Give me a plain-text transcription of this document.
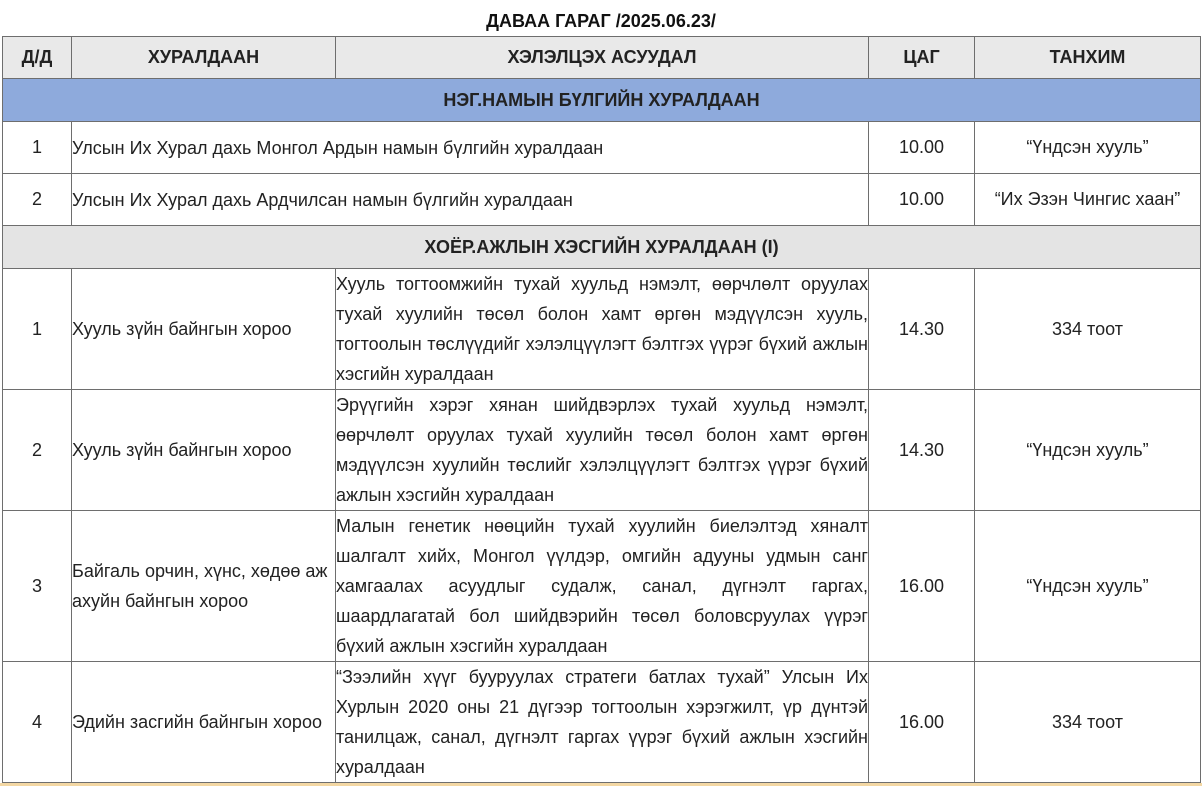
ДАВАА ГАРАГ /2025.06.23/
Д/Д	ХУРАЛДААН	ХЭЛЭЛЦЭХ АСУУДАЛ	ЦАГ	ТАНХИМ
НЭГ.НАМЫН БҮЛГИЙН ХУРАЛДААН				
1	Улсын Их Хурал дахь Монгол Ардын намын бүлгийн хуралдаан		10.00	“Үндсэн хууль”
2	Улсын Их Хурал дахь Ардчилсан намын бүлгийн хуралдаан		10.00	“Их Эзэн Чингис хаан”
ХОЁР.АЖЛЫН ХЭСГИЙН ХУРАЛДААН (I)				
1	Хууль зүйн байнгын хороо	Хууль тогтоомжийн тухай хуульд нэмэлт, өөрчлөлт оруулах тухай хуулийн төсөл болон хамт өргөн мэдүүлсэн хууль, тогтоолын төслүүдийг хэлэлцүүлэгт бэлтгэх үүрэг бүхий ажлын хэсгийн хуралдаан	14.30	334 тоот
2	Хууль зүйн байнгын хороо	Эрүүгийн хэрэг хянан шийдвэрлэх тухай хуульд нэмэлт, өөрчлөлт оруулах тухай хуулийн төсөл болон хамт өргөн мэдүүлсэн хуулийн төслийг хэлэлцүүлэгт бэлтгэх үүрэг бүхий ажлын хэсгийн хуралдаан	14.30	“Үндсэн хууль”
3	Байгаль орчин, хүнс, хөдөө аж ахуйн байнгын хороо	Малын генетик нөөцийн тухай хуулийн биелэлтэд хяналт шалгалт хийх, Монгол үүлдэр, омгийн адууны удмын санг хамгаалах асуудлыг судалж, санал, дүгнэлт гаргах, шаардлагатай бол шийдвэрийн төсөл боловсруулах үүрэг бүхий ажлын хэсгийн хуралдаан	16.00	“Үндсэн хууль”
4	Эдийн засгийн байнгын хороо	“Зээлийн хүүг бууруулах стратеги батлах тухай” Улсын Их Хурлын 2020 оны 21 дүгээр тогтоолын хэрэгжилт, үр дүнтэй танилцаж, санал, дүгнэлт гаргах үүрэг бүхий ажлын хэсгийн хуралдаан	16.00	334 тоот
